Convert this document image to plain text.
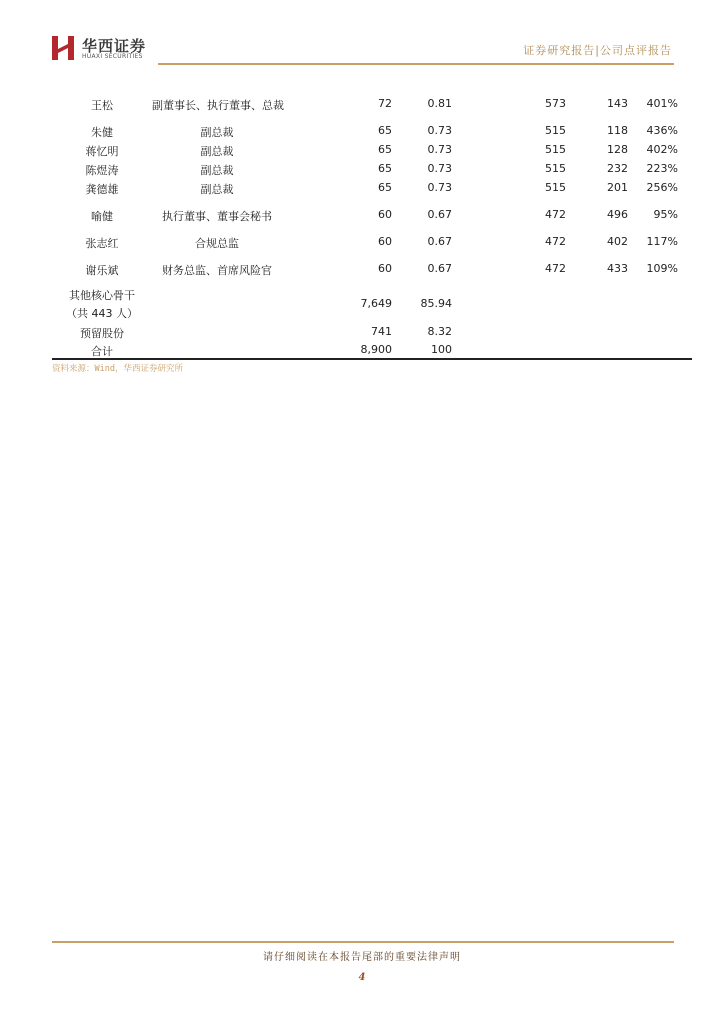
华西证券
HUAXI SECURITIES	证券研究报告|公司点评报告
王松	副董事长、执行董事、总裁	72	0.81	573	143	401%
朱健	副总裁	65	0.73	515	118	436%
蒋忆明	副总裁	65	0.73	515	128	402%
陈煜涛	副总裁	65	0.73	515	232	223%
龚德雄	副总裁	65	0.73	515	201	256%
喻健	执行董事、董事会秘书	60	0.67	472	496	95%
张志红	合规总监	60	0.67	472	402	117%
谢乐斌	财务总监、首席风险官	60	0.67	472	433	109%
其他核心骨干
（共 443 人）
7,649	85.94
预留股份	741	8.32
合计	8,900	100
资料来源：Wind，华西证券研究所
请仔细阅读在本报告尾部的重要法律声明
4
